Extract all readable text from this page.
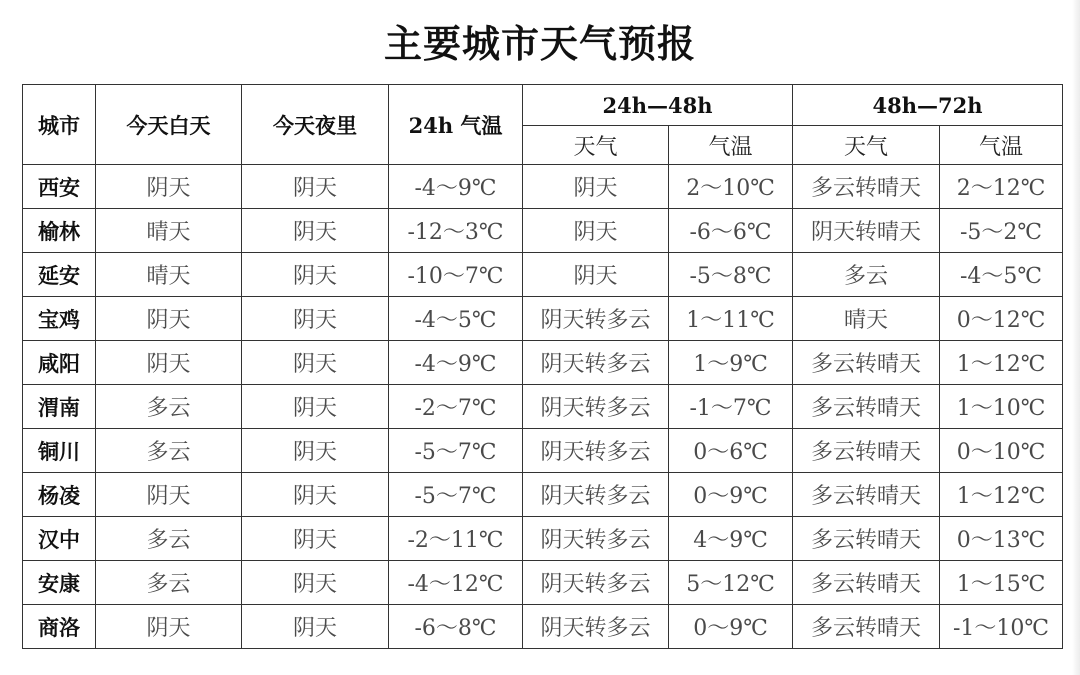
主要城市天气预报
城市	今天白天	今天夜里	24h 气温	24h—48h		48h—72h	
				天气	气温	天气	气温
西安	阴天	阴天	-4～9℃	阴天	2～10℃	多云转晴天	2～12℃
榆林	晴天	阴天	-12～3℃	阴天	-6～6℃	阴天转晴天	-5～2℃
延安	晴天	阴天	-10～7℃	阴天	-5～8℃	多云	-4～5℃
宝鸡	阴天	阴天	-4～5℃	阴天转多云	1～11℃	晴天	0～12℃
咸阳	阴天	阴天	-4～9℃	阴天转多云	1～9℃	多云转晴天	1～12℃
渭南	多云	阴天	-2～7℃	阴天转多云	-1～7℃	多云转晴天	1～10℃
铜川	多云	阴天	-5～7℃	阴天转多云	0～6℃	多云转晴天	0～10℃
杨凌	阴天	阴天	-5～7℃	阴天转多云	0～9℃	多云转晴天	1～12℃
汉中	多云	阴天	-2～11℃	阴天转多云	4～9℃	多云转晴天	0～13℃
安康	多云	阴天	-4～12℃	阴天转多云	5～12℃	多云转晴天	1～15℃
商洛	阴天	阴天	-6～8℃	阴天转多云	0～9℃	多云转晴天	-1～10℃
